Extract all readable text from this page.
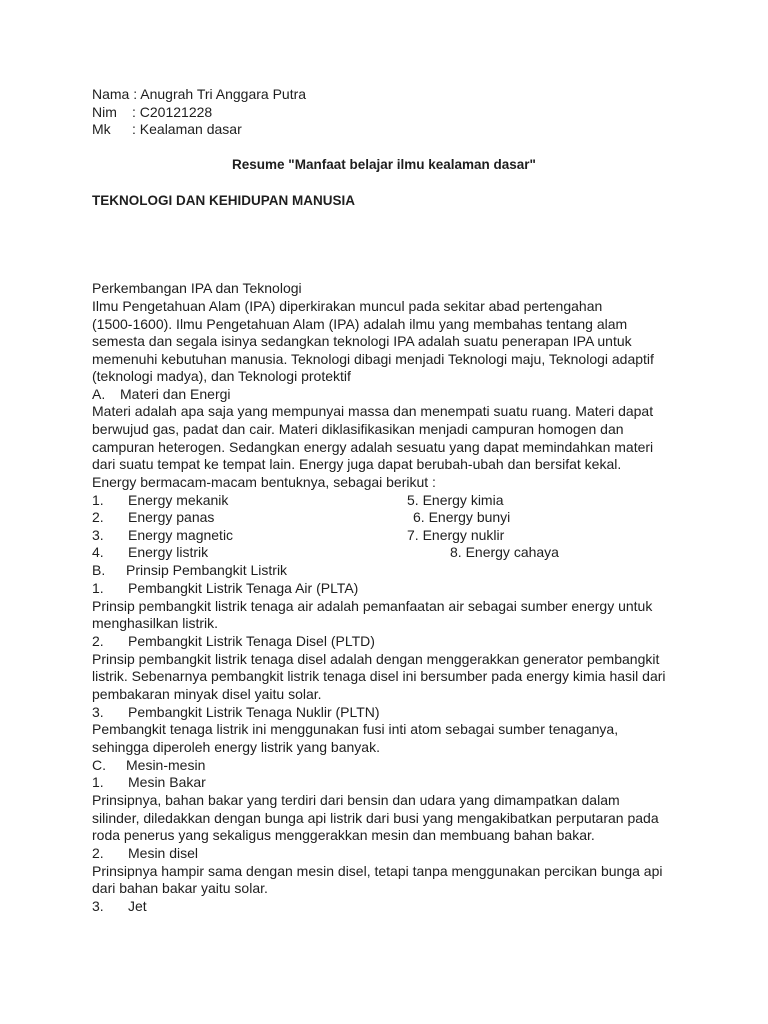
Nama : Anugrah Tri Anggara Putra
Nim : C20121228
Mk : Kealaman dasar
Resume "Manfaat belajar ilmu kealaman dasar"
TEKNOLOGI DAN KEHIDUPAN MANUSIA
Perkembangan IPA dan Teknologi
Ilmu Pengetahuan Alam (IPA) diperkirakan muncul pada sekitar abad pertengahan
(1500-1600). Ilmu Pengetahuan Alam (IPA) adalah ilmu yang membahas tentang alam
semesta dan segala isinya sedangkan teknologi IPA adalah suatu penerapan IPA untuk
memenuhi kebutuhan manusia. Teknologi dibagi menjadi Teknologi maju, Teknologi adaptif
(teknologi madya), dan Teknologi protektif
A. Materi dan Energi
Materi adalah apa saja yang mempunyai massa dan menempati suatu ruang. Materi dapat
berwujud gas, padat dan cair. Materi diklasifikasikan menjadi campuran homogen dan
campuran heterogen. Sedangkan energy adalah sesuatu yang dapat memindahkan materi
dari suatu tempat ke tempat lain. Energy juga dapat berubah-ubah dan bersifat kekal.
Energy bermacam-macam bentuknya, sebagai berikut :
1. Energy mekanik	5. Energy kimia
2. Energy panas	6. Energy bunyi
3. Energy magnetic	7. Energy nuklir
4. Energy listrik	8. Energy cahaya
B. Prinsip Pembangkit Listrik
1. Pembangkit Listrik Tenaga Air (PLTA)
Prinsip pembangkit listrik tenaga air adalah pemanfaatan air sebagai sumber energy untuk
menghasilkan listrik.
2. Pembangkit Listrik Tenaga Disel (PLTD)
Prinsip pembangkit listrik tenaga disel adalah dengan menggerakkan generator pembangkit
listrik. Sebenarnya pembangkit listrik tenaga disel ini bersumber pada energy kimia hasil dari
pembakaran minyak disel yaitu solar.
3. Pembangkit Listrik Tenaga Nuklir (PLTN)
Pembangkit tenaga listrik ini menggunakan fusi inti atom sebagai sumber tenaganya,
sehingga diperoleh energy listrik yang banyak.
C. Mesin-mesin
1. Mesin Bakar
Prinsipnya, bahan bakar yang terdiri dari bensin dan udara yang dimampatkan dalam
silinder, diledakkan dengan bunga api listrik dari busi yang mengakibatkan perputaran pada
roda penerus yang sekaligus menggerakkan mesin dan membuang bahan bakar.
2. Mesin disel
Prinsipnya hampir sama dengan mesin disel, tetapi tanpa menggunakan percikan bunga api
dari bahan bakar yaitu solar.
3. Jet
